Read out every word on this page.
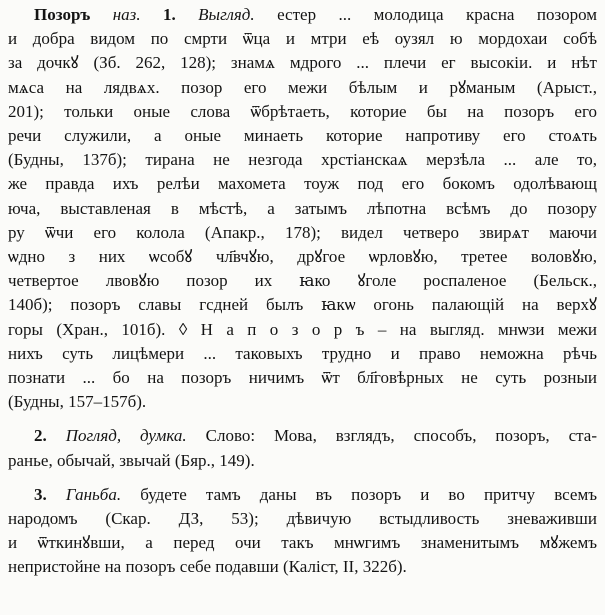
Позоръ наз. 1. Выгляд. естер ... молодица красна позором
и добра видом по смрти ѿца и мтри еѣ оузял ю мордохаи собѣ
за дочкꙋ (Зб. 262, 128); знамѧ мдрого ... плечи ег высокіи. и нѣт
мѧса на лядвѧх. позор его межи бѣлым и рꙋманым (Арыст.,
201); тольки оные слова ѿбрѣтаеть, которие бы на позоръ его
речи служили, а оные минаеть которие напротиву его стоѧть
(Будны, 137б); тирана не незгода хрстіанскаѧ мерзѣла ... але то,
же правда ихъ релѣи махомета тоуж под его бокомъ одолѣвающ
юча, выставленая в мѣстѣ, а затымъ лѣпотна всѣмъ до позору
ру ѿчи его колола (Апакр., 178); видел четверо звирѧт маючи
ѡдно з них ѡсобꙋ чл҃вчꙋю, дрꙋгое ѡрловꙋю, третее воловꙋю,
четвертое лвовꙋю позор их ꙗко ꙋголе роспаленое (Бельск.,
140б); позоръ славы гсдней былъ ꙗкѡ огонь палающій на верхꙋ
горы (Хран., 101б). ◊ Н а п о з о р ъ – на выгляд. мнѡзи межи
нихъ суть лицѣмери ... таковыхъ трудно и право неможна рѣчь
познати ... бо на позоръ ничимъ ѿт бл҃говѣрных не суть розныи
(Будны, 157–157б).
2. Погляд, думка. Слово: Мова, взглядъ, способъ, позоръ, ста-
ранье, обычай, звычай (Бяр., 149).
3. Ганьба. будете тамъ даны въ позоръ и во притчу всемъ
народомъ (Скар. ДЗ, 53); дѣвичую встыдливость зневаживши
и ѿткинꙋвши, а перед очи такъ мнѡгимъ знаменитымъ мꙋжемъ
непристойне на позоръ себе подавши (Каліст, II, 322б).
